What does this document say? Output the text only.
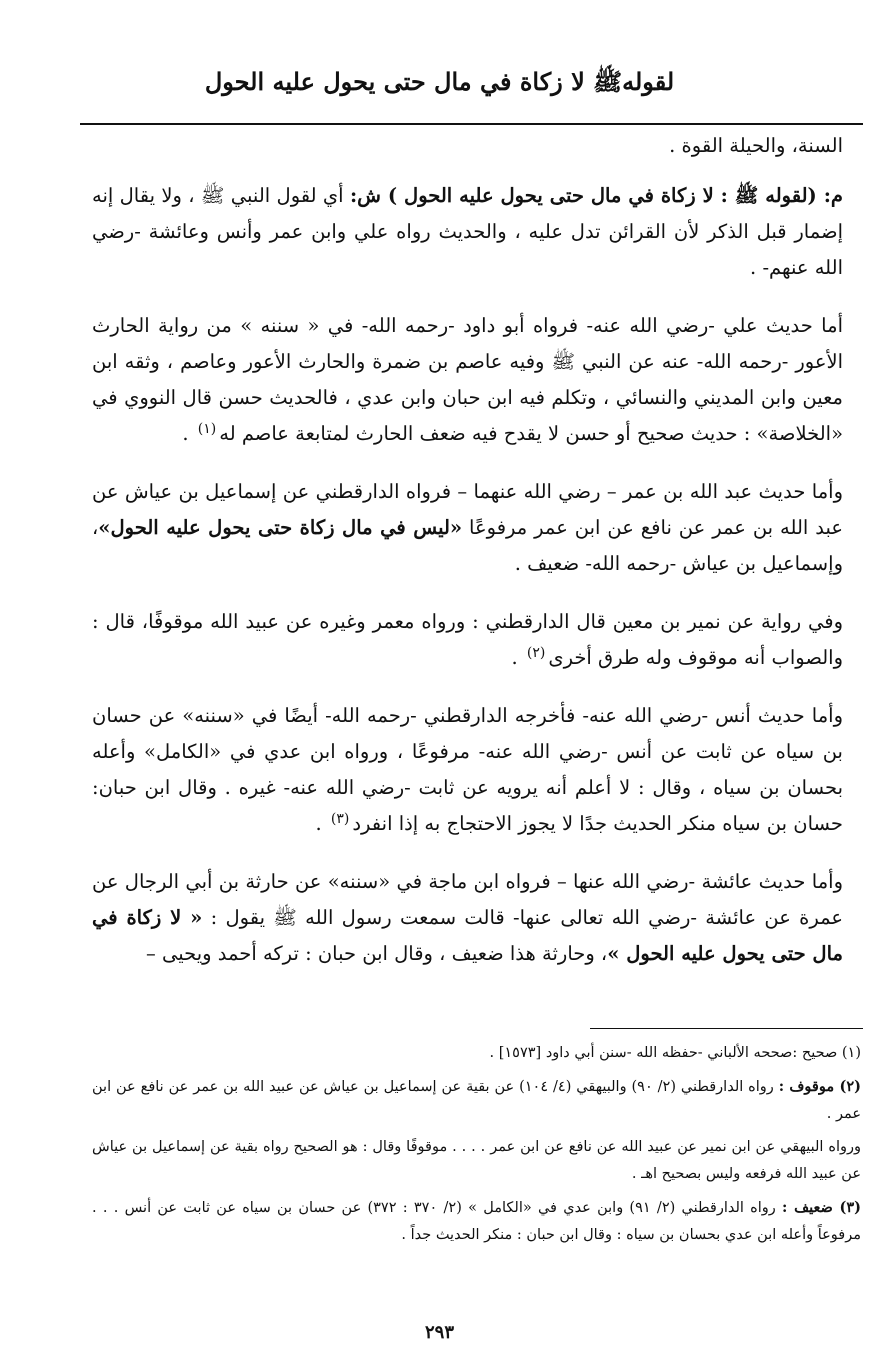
لقولهﷺ لا زكاة في مال حتى يحول عليه الحول

السنة، والحيلة القوة .

م: (لقوله ﷺ : لا زكاة في مال حتى يحول عليه الحول ) ش: أي لقول النبي ﷺ ، ولا يقال إنه إضمار قبل الذكر لأن القرائن تدل عليه ، والحديث رواه علي وابن عمر وأنس وعائشة -رضي الله عنهم- .

أما حديث علي -رضي الله عنه- فرواه أبو داود -رحمه الله- في « سننه » من رواية الحارث الأعور -رحمه الله- عنه عن النبي ﷺ وفيه عاصم بن ضمرة والحارث الأعور وعاصم ، وثقه ابن معين وابن المديني والنسائي ، وتكلم فيه ابن حبان وابن عدي ، فالحديث حسن قال النووي في «الخلاصة» : حديث صحيح أو حسن لا يقدح فيه ضعف الحارث لمتابعة عاصم له$^{(١)}$ .

وأما حديث عبد الله بن عمر – رضي الله عنهما – فرواه الدارقطني عن إسماعيل بن عياش عن عبد الله بن عمر عن نافع عن ابن عمر مرفوعًا «ليس في مال زكاة حتى يحول عليه الحول»، وإسماعيل بن عياش -رحمه الله- ضعيف .

وفي رواية عن نمير بن معين قال الدارقطني : ورواه معمر وغيره عن عبيد الله موقوفًا، قال : والصواب أنه موقوف وله طرق أخرى$^{(٢)}$ .

وأما حديث أنس -رضي الله عنه- فأخرجه الدارقطني -رحمه الله- أيضًا في «سننه» عن حسان بن سياه عن ثابت عن أنس -رضي الله عنه- مرفوعًا ، ورواه ابن عدي في «الكامل» وأعله بحسان بن سياه ، وقال : لا أعلم أنه يرويه عن ثابت -رضي الله عنه- غيره . وقال ابن حبان: حسان بن سياه منكر الحديث جدًا لا يجوز الاحتجاج به إذا انفرد$^{(٣)}$ .

وأما حديث عائشة -رضي الله عنها – فرواه ابن ماجة في «سننه» عن حارثة بن أبي الرجال عن عمرة عن عائشة -رضي الله تعالى عنها- قالت سمعت رسول الله ﷺ يقول : « لا زكاة في مال حتى يحول عليه الحول »، وحارثة هذا ضعيف ، وقال ابن حبان : تركه أحمد ويحيى –

(١) صحيح :صححه الألباني -حفظه الله -سنن أبي داود [١٥٧٣] .

(٢) موقوف : رواه الدارقطني (٢/ ٩٠) والبيهقي (٤/ ١٠٤) عن بقية عن إسماعيل بن عياش عن عبيد الله بن عمر عن نافع عن ابن عمر .

ورواه البيهقي عن ابن نمير عن عبيد الله عن نافع عن ابن عمر . . . . موقوفًا وقال : هو الصحيح رواه بقية عن إسماعيل بن عياش عن عبيد الله فرفعه وليس بصحيح اهـ .

(٣) ضعيف : رواه الدارقطني (٢/ ٩١) وابن عدي في «الكامل » (٢/ ٣٧٠ : ٣٧٢) عن حسان بن سياه عن ثابت عن أنس . . . مرفوعاً وأعله ابن عدي بحسان بن سياه : وقال ابن حبان : منكر الحديث جداً .

٢٩٣
